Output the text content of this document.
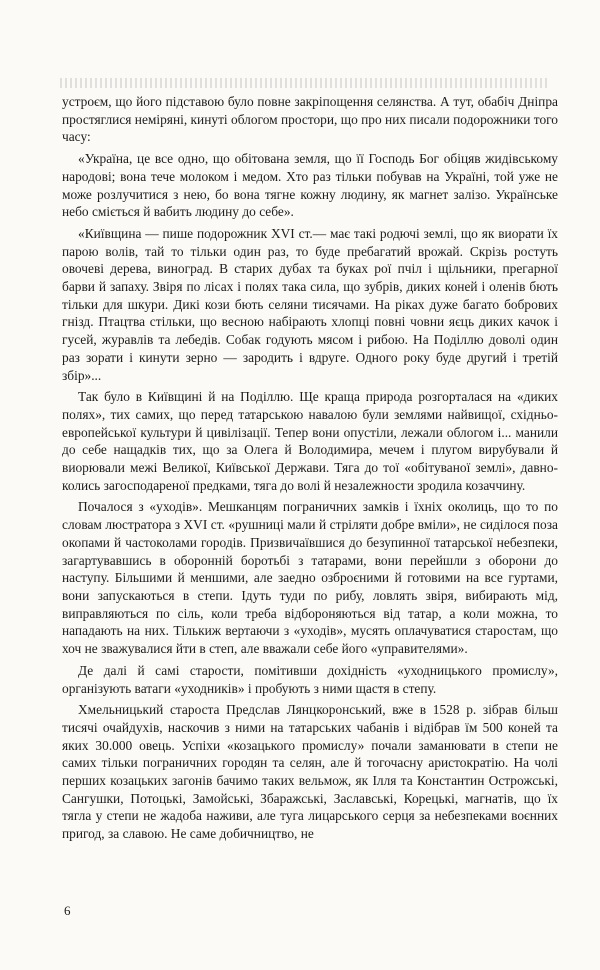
устроєм, що його підставою було повне закріпощення селянства. А тут, обабіч Дніпра простяглися неміряні, кинуті облогом простори, що про них писали подорожники того часу:

«Україна, це все одно, що обітована земля, що її Господь Бог обіцяв жидівському народові; вона тече молоком і медом. Хто раз тільки побував на Україні, той уже не може розлучитися з нею, бо вона тягне кожну людину, як магнет залізо. Українське небо сміється й вабить людину до себе».

«Київщина — пише подорожник XVI ст.— має такі родючі землі, що як виорати їх парою волів, тай то тільки один раз, то буде пребагатий врожай. Скрізь ростуть овочеві дерева, виноград. В старих дубах та буках рої пчіл і щільники, прегарної барви й запаху. Звіря по лісах і полях така сила, що зубрів, диких коней і оленів бють тільки для шкури. Дикі кози бють селяни тисячами. На ріках дуже багато бобрових гнізд. Птацтва стільки, що весною набірають хлопці повні човни яєць диких качок і гусей, журавлів та лебедів. Собак годують мясом і рибою. На Поділлю доволі один раз зорати і кинути зерно — зародить і вдруге. Одного року буде другий і третій збір»...

Так було в Київщині й на Поділлю. Ще краща природа розгорталася на «диких полях», тих самих, що перед татарською навалою були землями найвищої, східньо-европейської культури й цивілізації. Тепер вони опустіли, лежали облогом і... манили до себе нащадків тих, що за Олега й Володимира, мечем і плугом вирубували й виорювали межі Великої, Київської Держави. Тяга до тої «обітуваної землі», давно-колись загосподареної предками, тяга до волі й незалежности зродила козаччину.

Почалося з «уходів». Мешканцям пограничних замків і їхніх околиць, що то по словам люстратора з XVI ст. «рушниці мали й стріляти добре вміли», не сиділося поза окопами й частоколами городів. Призвичаївшися до безупинної татарської небезпеки, загартувавшись в оборонній боротьбі з татарами, вони перейшли з оборони до наступу. Більшими й меншими, але заедно озброєними й готовими на все гуртами, вони запускаються в степи. Ідуть туди по рибу, ловлять звіря, вибирають мід, виправляються по сіль, коли треба відбороняються від татар, а коли можна, то нападають на них. Тількиж вертаючи з «уходів», мусять оплачуватися старостам, що хоч не зважувалися йти в степ, але вважали себе його «управителями».

Де далі й самі старости, помітивши дохідність «уходницького промислу», організують ватаги «уходників» і пробують з ними щастя в степу.

Хмельницький староста Предслав Лянцкоронський, вже в 1528 р. зібрав більш тисячі очайдухів, наскочив з ними на татарських чабанів і відібрав їм 500 коней та яких 30.000 овець. Успіхи «козацького промислу» почали заманювати в степи не самих тільки пограничних городян та селян, але й тогочасну аристократію. На чолі перших козацьких загонів бачимо таких вельмож, як Ілля та Константин Острожські, Сангушки, Потоцькі, Замойські, Збаражські, Заславські, Корецькі, магнатів, що їх тягла у степи не жадоба наживи, але туга лицарського серця за небезпеками воєнних пригод, за славою. Не саме добичництво, не

6
